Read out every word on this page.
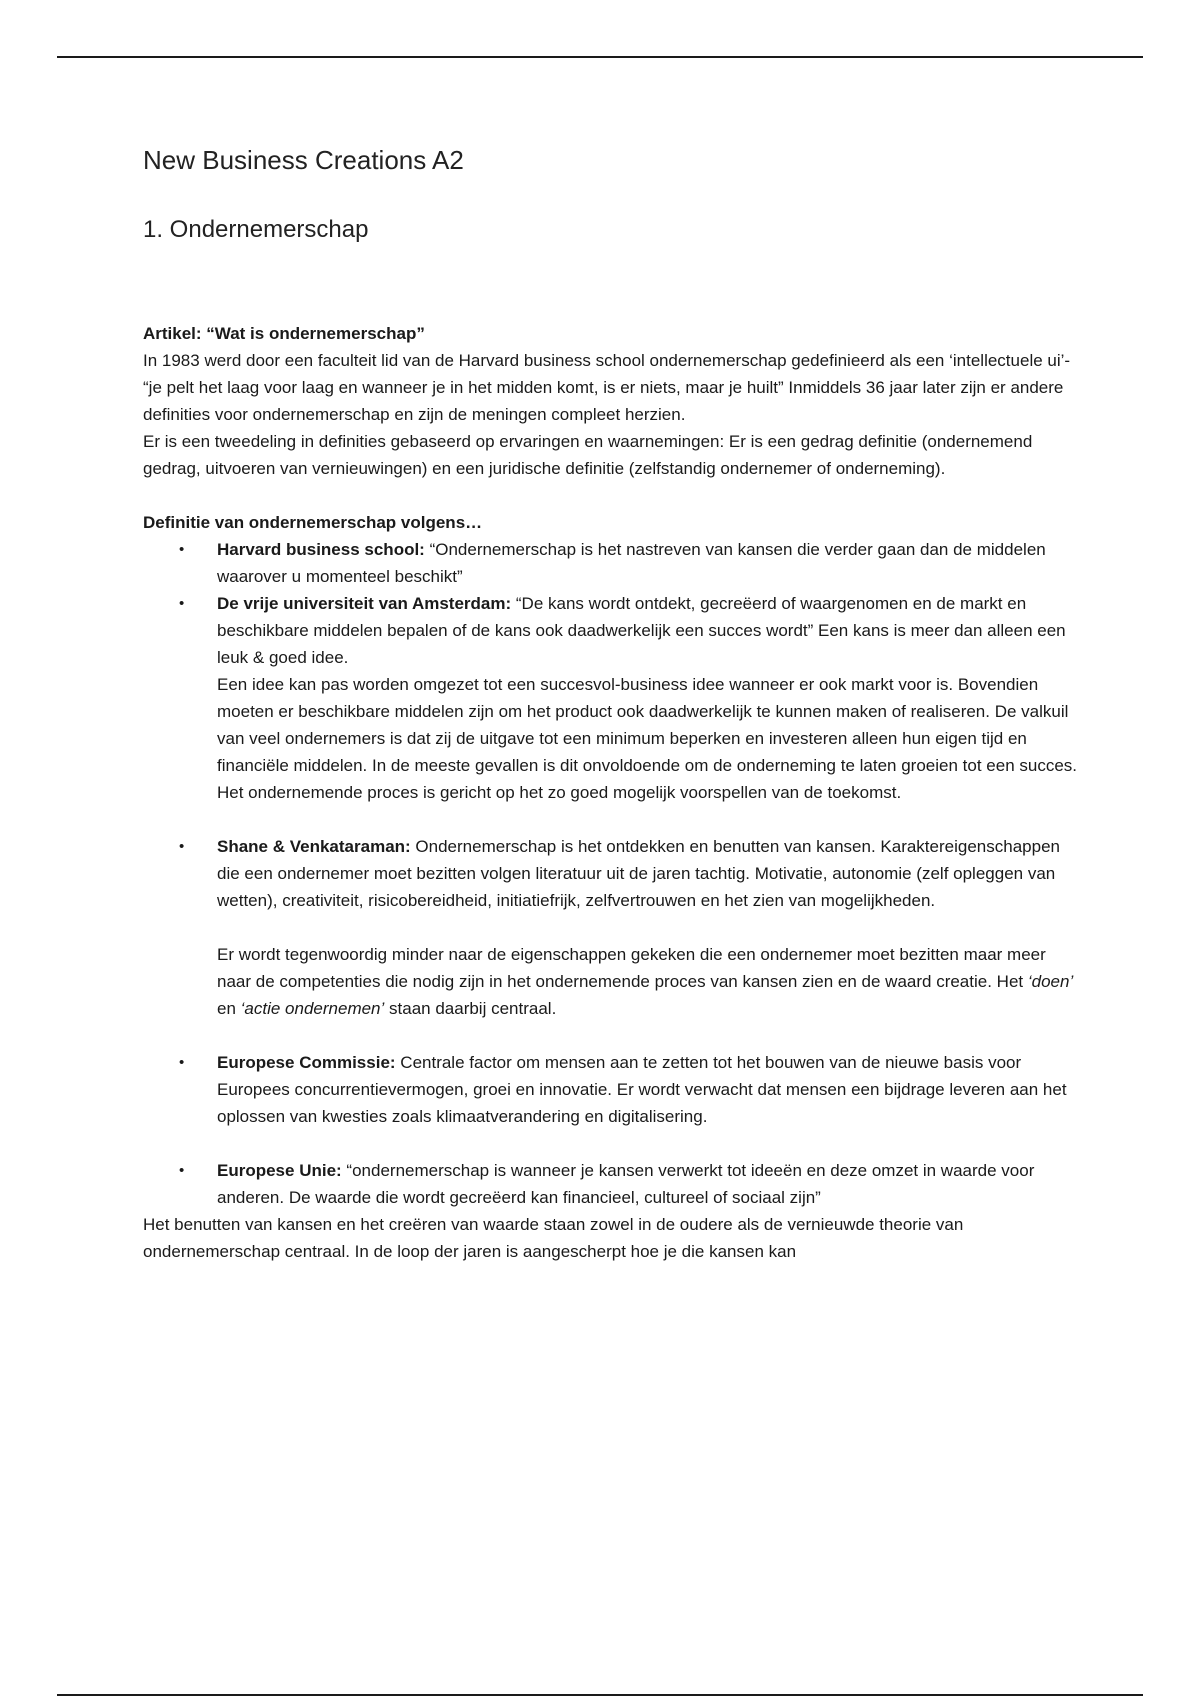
New Business Creations A2
1. Ondernemerschap
Artikel: “Wat is ondernemerschap”

In 1983 werd door een faculteit lid van de Harvard business school ondernemerschap gedefinieerd als een ‘intellectuele ui’- “je pelt het laag voor laag en wanneer je in het midden komt, is er niets, maar je huilt” Inmiddels 36 jaar later zijn er andere definities voor ondernemerschap en zijn de meningen compleet herzien.

Er is een tweedeling in definities gebaseerd op ervaringen en waarnemingen: Er is een gedrag definitie (ondernemend gedrag, uitvoeren van vernieuwingen) en een juridische definitie (zelfstandig ondernemer of onderneming).

Definitie van ondernemerschap volgens…
• Harvard business school: “Ondernemerschap is het nastreven van kansen die verder gaan dan de middelen waarover u momenteel beschikt”
• De vrije universiteit van Amsterdam: “De kans wordt ontdekt, gecreëerd of waargenomen en de markt en beschikbare middelen bepalen of de kans ook daadwerkelijk een succes wordt” Een kans is meer dan alleen een leuk & goed idee.
Een idee kan pas worden omgezet tot een succesvol-business idee wanneer er ook markt voor is. Bovendien moeten er beschikbare middelen zijn om het product ook daadwerkelijk te kunnen maken of realiseren. De valkuil van veel ondernemers is dat zij de uitgave tot een minimum beperken en investeren alleen hun eigen tijd en financiële middelen. In de meeste gevallen is dit onvoldoende om de onderneming te laten groeien tot een succes. Het ondernemende proces is gericht op het zo goed mogelijk voorspellen van de toekomst.
• Shane & Venkataraman: Ondernemerschap is het ontdekken en benutten van kansen. Karaktereigenschappen die een ondernemer moet bezitten volgen literatuur uit de jaren tachtig. Motivatie, autonomie (zelf opleggen van wetten), creativiteit, risicobereidheid, initiatiefrijk, zelfvertrouwen en het zien van mogelijkheden.
Er wordt tegenwoordig minder naar de eigenschappen gekeken die een ondernemer moet bezitten maar meer naar de competenties die nodig zijn in het ondernemende proces van kansen zien en de waard creatie. Het ‘doen’ en ‘actie ondernemen’ staan daarbij centraal.
• Europese Commissie: Centrale factor om mensen aan te zetten tot het bouwen van de nieuwe basis voor Europees concurrentievermogen, groei en innovatie. Er wordt verwacht dat mensen een bijdrage leveren aan het oplossen van kwesties zoals klimaatverandering en digitalisering.
• Europese Unie: “ondernemerschap is wanneer je kansen verwerkt tot ideeën en deze omzet in waarde voor anderen. De waarde die wordt gecreëerd kan financieel, cultureel of sociaal zijn”

Het benutten van kansen en het creëren van waarde staan zowel in de oudere als de vernieuwde theorie van ondernemerschap centraal. In de loop der jaren is aangescherpt hoe je die kansen kan
